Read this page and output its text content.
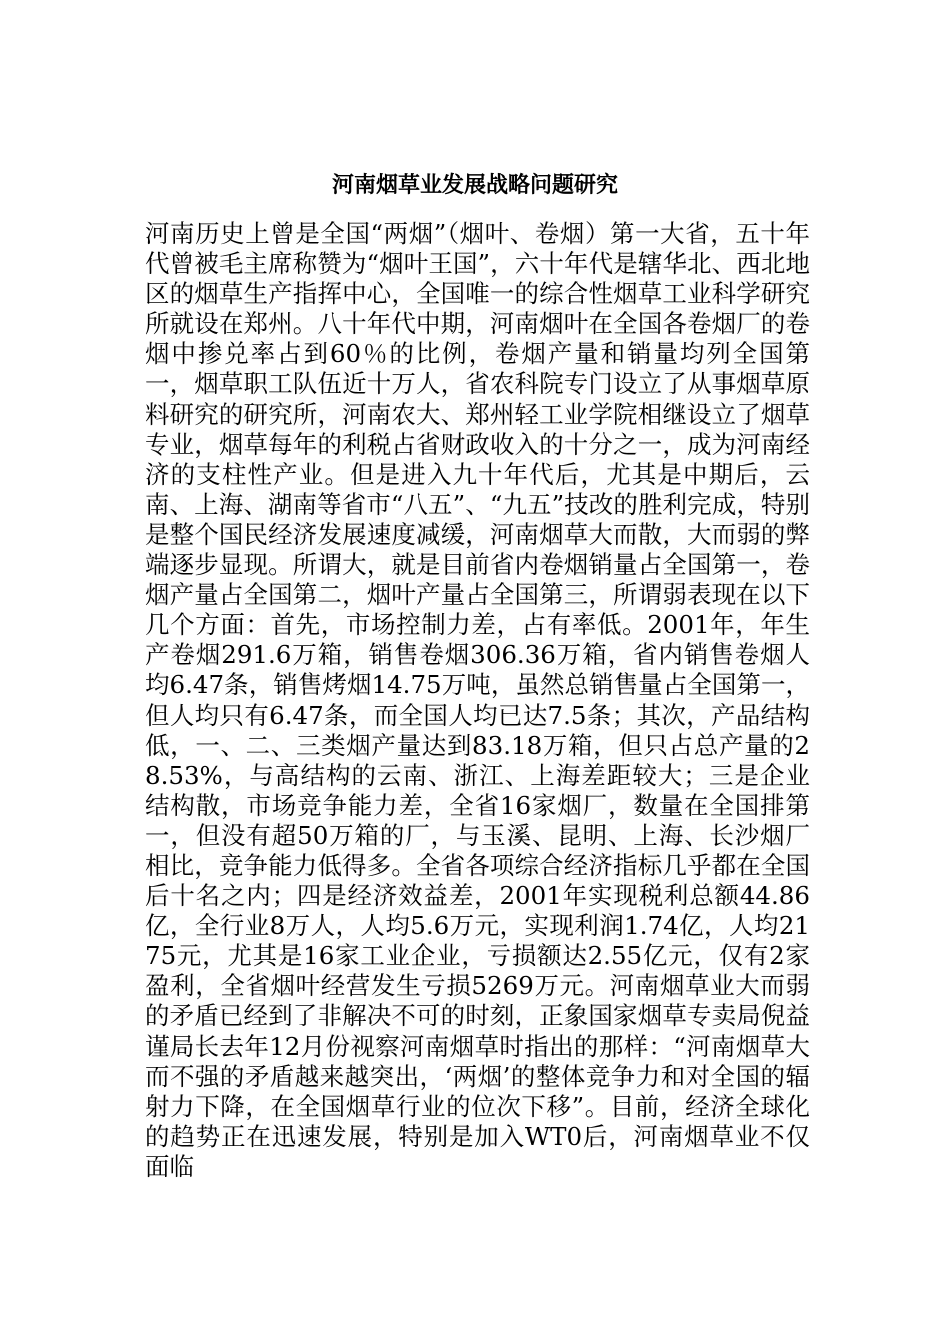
河南烟草业发展战略问题研究

河南历史上曾是全国“两烟”（烟叶、卷烟）第一大省，五十年代曾被毛主席称赞为“烟叶王国”，六十年代是辖华北、西北地区的烟草生产指挥中心，全国唯一的综合性烟草工业科学研究所就设在郑州。八十年代中期，河南烟叶在全国各卷烟厂的卷烟中掺兑率占到60％的比例，卷烟产量和销量均列全国第一，烟草职工队伍近十万人，省农科院专门设立了从事烟草原料研究的研究所，河南农大、郑州轻工业学院相继设立了烟草专业，烟草每年的利税占省财政收入的十分之一，成为河南经济的支柱性产业。但是进入九十年代后，尤其是中期后，云南、上海、湖南等省市“八五”、“九五”技改的胜利完成，特别是整个国民经济发展速度减缓，河南烟草大而散，大而弱的弊端逐步显现。所谓大，就是目前省内卷烟销量占全国第一，卷烟产量占全国第二，烟叶产量占全国第三，所谓弱表现在以下几个方面：首先，市场控制力差，占有率低。2001年，年生产卷烟291.6万箱，销售卷烟306.36万箱，省内销售卷烟人均6.47条，销售烤烟14.75万吨，虽然总销售量占全国第一，但人均只有6.47条，而全国人均已达7.5条；其次，产品结构低，一、二、三类烟产量达到83.18万箱，但只占总产量的28.53%，与高结构的云南、浙江、上海差距较大；三是企业结构散，市场竞争能力差，全省16家烟厂，数量在全国排第一，但没有超50万箱的厂，与玉溪、昆明、上海、长沙烟厂相比，竞争能力低得多。全省各项综合经济指标几乎都在全国后十名之内；四是经济效益差，2001年实现税利总额44.86亿，全行业8万人，人均5.6万元，实现利润1.74亿，人均2175元，尤其是16家工业企业，亏损额达2.55亿元，仅有2家盈利，全省烟叶经营发生亏损5269万元。河南烟草业大而弱的矛盾已经到了非解决不可的时刻，正象国家烟草专卖局倪益谨局长去年12月份视察河南烟草时指出的那样：“河南烟草大而不强的矛盾越来越突出，‘两烟’的整体竞争力和对全国的辐射力下降，在全国烟草行业的位次下移”。目前，经济全球化的趋势正在迅速发展，特别是加入WT0后，河南烟草业不仅面临
